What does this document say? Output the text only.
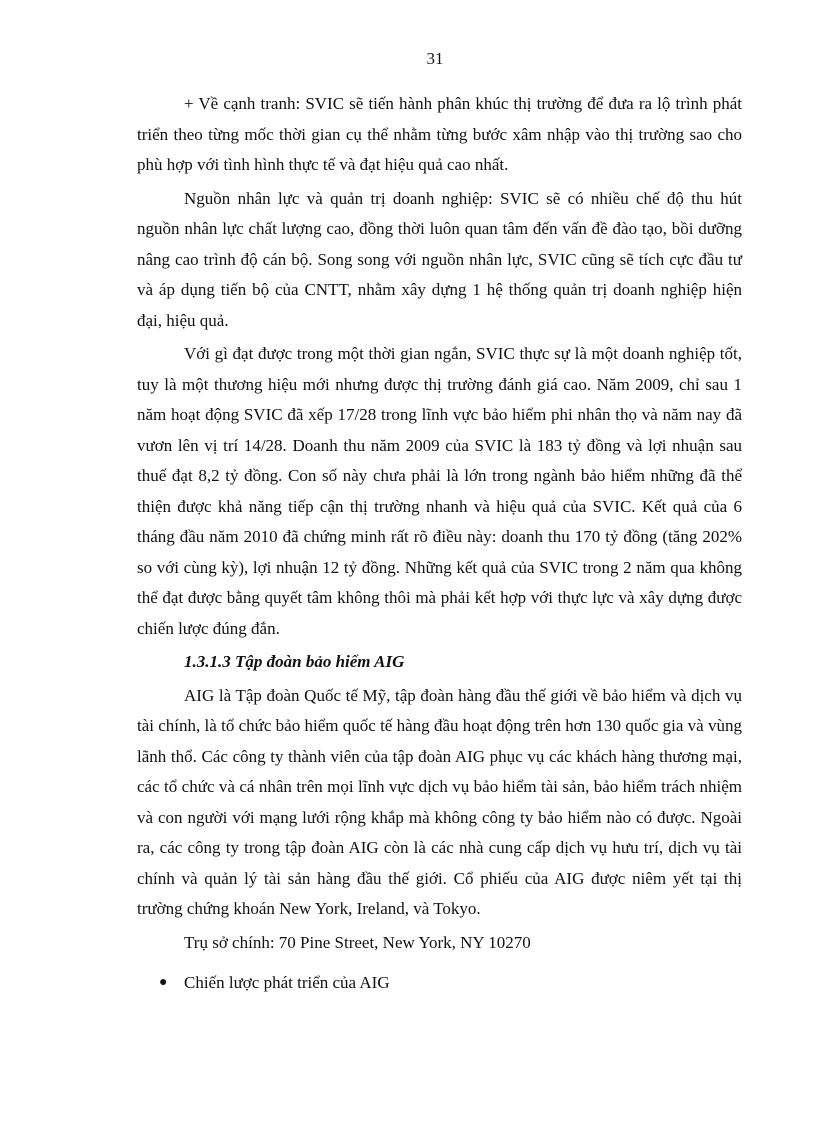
31

+ Về cạnh tranh: SVIC sẽ tiến hành phân khúc thị trường để đưa ra lộ trình phát triển theo từng mốc thời gian cụ thể nhằm từng bước xâm nhập vào thị trường sao cho phù hợp với tình hình thực tế và đạt hiệu quả cao nhất.

Nguồn nhân lực và quản trị doanh nghiệp: SVIC sẽ có nhiều chế độ thu hút nguồn nhân lực chất lượng cao, đồng thời luôn quan tâm đến vấn đề đào tạo, bồi dưỡng nâng cao trình độ cán bộ. Song song với nguồn nhân lực, SVIC cũng sẽ tích cực đầu tư và áp dụng tiến bộ của CNTT, nhằm xây dựng 1 hệ thống quản trị doanh nghiệp hiện đại, hiệu quả.

Với gì đạt được trong một thời gian ngắn, SVIC thực sự là một doanh nghiệp tốt, tuy là một thương hiệu mới nhưng được thị trường đánh giá cao. Năm 2009, chỉ sau 1 năm hoạt động SVIC đã xếp 17/28 trong lĩnh vực bảo hiểm phi nhân thọ và năm nay đã vươn lên vị trí 14/28. Doanh thu năm 2009 của SVIC là 183 tỷ đồng và lợi nhuận sau thuế đạt 8,2 tỷ đồng. Con số này chưa phải là lớn trong ngành bảo hiểm những đã thể thiện được khả năng tiếp cận thị trường nhanh và hiệu quả của SVIC. Kết quả của 6 tháng đầu năm 2010 đã chứng minh rất rõ điều này: doanh thu 170 tỷ đồng (tăng 202% so với cùng kỳ), lợi nhuận 12 tỷ đồng. Những kết quả của SVIC trong 2 năm qua không thể đạt được bằng quyết tâm không thôi mà phải kết hợp với thực lực và xây dựng được chiến lược đúng đắn.

1.3.1.3 Tập đoàn bảo hiểm AIG

AIG là Tập đoàn Quốc tế Mỹ, tập đoàn hàng đầu thế giới về bảo hiểm và dịch vụ tài chính, là tổ chức bảo hiểm quốc tế hàng đầu hoạt động trên hơn 130 quốc gia và vùng lãnh thổ. Các công ty thành viên của tập đoàn AIG phục vụ các khách hàng thương mại, các tổ chức và cá nhân trên mọi lĩnh vực dịch vụ bảo hiểm tài sản, bảo hiểm trách nhiệm và con người với mạng lưới rộng khắp mà không công ty bảo hiểm nào có được. Ngoài ra, các công ty trong tập đoàn AIG còn là các nhà cung cấp dịch vụ hưu trí, dịch vụ tài chính và quản lý tài sản hàng đầu thế giới. Cổ phiếu của AIG được niêm yết tại thị trường chứng khoán New York, Ireland, và Tokyo.

Trụ sở chính: 70 Pine Street, New York, NY 10270

● Chiến lược phát triển của AIG
